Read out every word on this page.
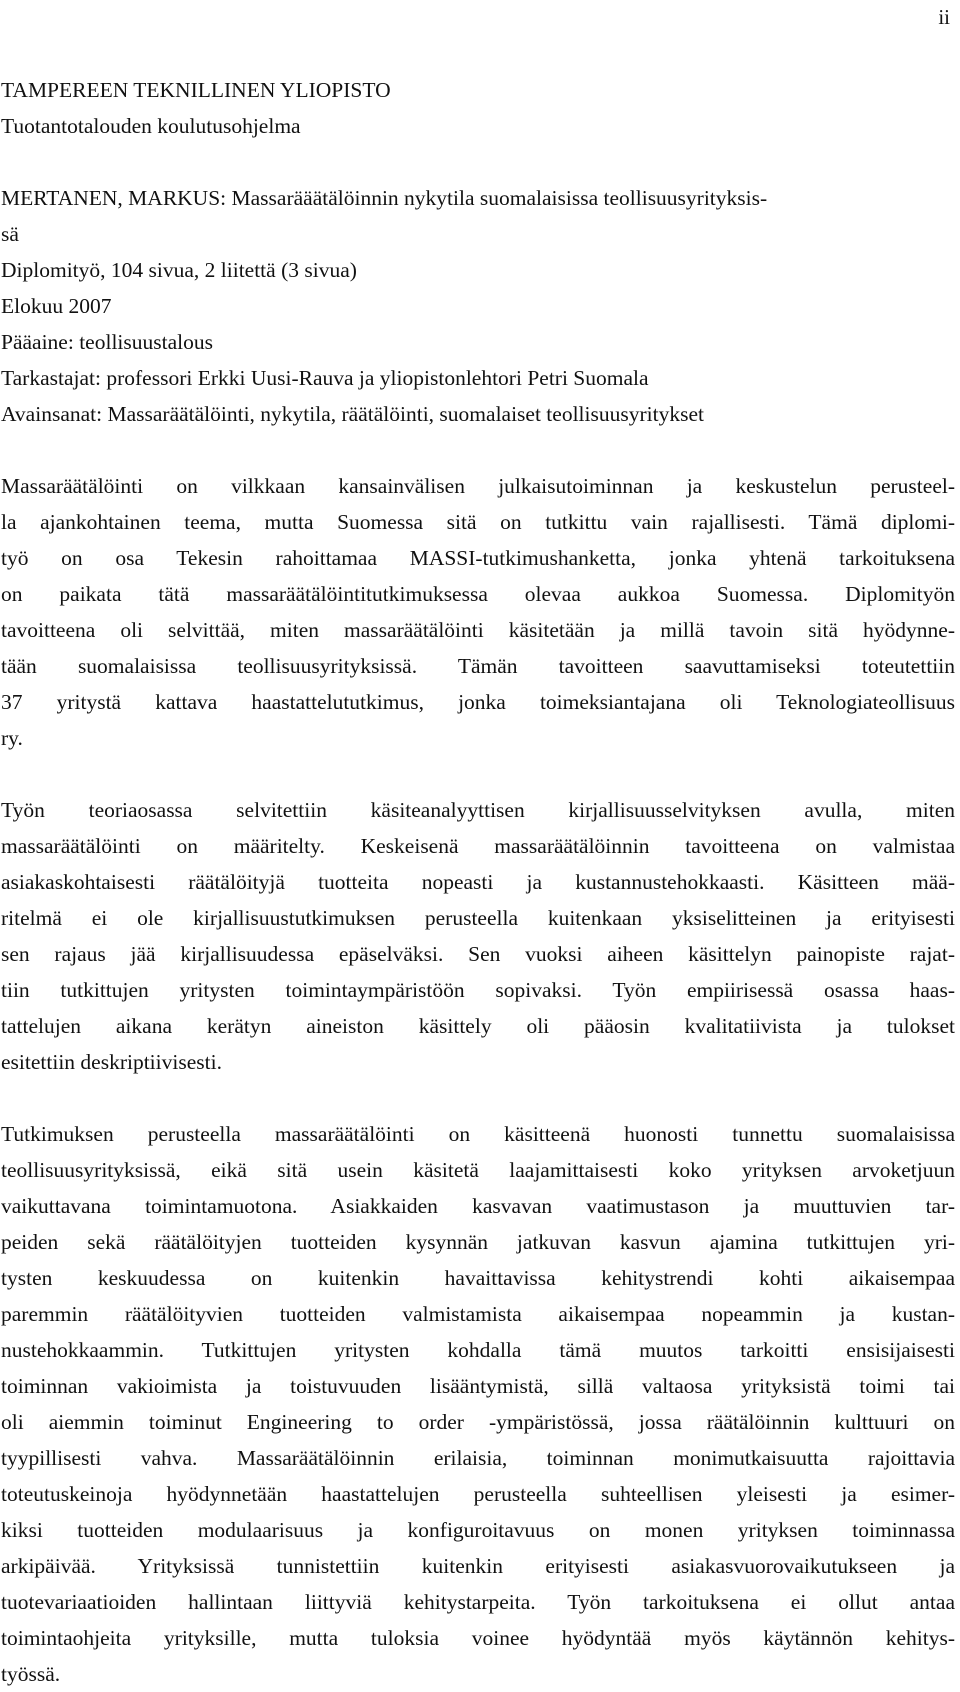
ii
TAMPEREEN TEKNILLINEN YLIOPISTO
Tuotantotalouden koulutusohjelma
MERTANEN, MARKUS: Massarääätälöinnin nykytila suomalaisissa teollisuusyrityksis-
sä
Diplomityö, 104 sivua, 2 liitettä (3 sivua)
Elokuu 2007
Pääaine: teollisuustalous
Tarkastajat: professori Erkki Uusi-Rauva ja yliopistonlehtori Petri Suomala
Avainsanat: Massaräätälöinti, nykytila, räätälöinti, suomalaiset teollisuusyritykset
Massaräätälöinti on vilkkaan kansainvälisen julkaisutoiminnan ja keskustelun perusteel-
la ajankohtainen teema, mutta Suomessa sitä on tutkittu vain rajallisesti. Tämä diplomi-
työ on osa Tekesin rahoittamaa MASSI-tutkimushanketta, jonka yhtenä tarkoituksena
on paikata tätä massaräätälöintitutkimuksessa olevaa aukkoa Suomessa. Diplomityön
tavoitteena oli selvittää, miten massaräätälöinti käsitetään ja millä tavoin sitä hyödynne-
tään suomalaisissa teollisuusyrityksissä. Tämän tavoitteen saavuttamiseksi toteutettiin
37 yritystä kattava haastattelututkimus, jonka toimeksiantajana oli Teknologiateollisuus
ry.
Työn teoriaosassa selvitettiin käsiteanalyyttisen kirjallisuusselvityksen avulla, miten
massaräätälöinti on määritelty. Keskeisenä massaräätälöinnin tavoitteena on valmistaa
asiakaskohtaisesti räätälöityjä tuotteita nopeasti ja kustannustehokkaasti. Käsitteen mää-
ritelmä ei ole kirjallisuustutkimuksen perusteella kuitenkaan yksiselitteinen ja erityisesti
sen rajaus jää kirjallisuudessa epäselväksi. Sen vuoksi aiheen käsittelyn painopiste rajat-
tiin tutkittujen yritysten toimintaympäristöön sopivaksi. Työn empiirisessä osassa haas-
tattelujen aikana kerätyn aineiston käsittely oli pääosin kvalitatiivista ja tulokset
esitettiin deskriptiivisesti.
Tutkimuksen perusteella massaräätälöinti on käsitteenä huonosti tunnettu suomalaisissa
teollisuusyrityksissä, eikä sitä usein käsitetä laajamittaisesti koko yrityksen arvoketjuun
vaikuttavana toimintamuotona. Asiakkaiden kasvavan vaatimustason ja muuttuvien tar-
peiden sekä räätälöityjen tuotteiden kysynnän jatkuvan kasvun ajamina tutkittujen yri-
tysten keskuudessa on kuitenkin havaittavissa kehitystrendi kohti aikaisempaa
paremmin räätälöityvien tuotteiden valmistamista aikaisempaa nopeammin ja kustan-
nustehokkaammin. Tutkittujen yritysten kohdalla tämä muutos tarkoitti ensisijaisesti
toiminnan vakioimista ja toistuvuuden lisääntymistä, sillä valtaosa yrityksistä toimi tai
oli aiemmin toiminut Engineering to order -ympäristössä, jossa räätälöinnin kulttuuri on
tyypillisesti vahva. Massaräätälöinnin erilaisia, toiminnan monimutkaisuutta rajoittavia
toteutuskeinoja hyödynnetään haastattelujen perusteella suhteellisen yleisesti ja esimer-
kiksi tuotteiden modulaarisuus ja konfiguroitavuus on monen yrityksen toiminnassa
arkipäivää. Yrityksissä tunnistettiin kuitenkin erityisesti asiakasvuorovaikutukseen ja
tuotevariaatioiden hallintaan liittyviä kehitystarpeita. Työn tarkoituksena ei ollut antaa
toimintaohjeita yrityksille, mutta tuloksia voinee hyödyntää myös käytännön kehitys-
työssä.
